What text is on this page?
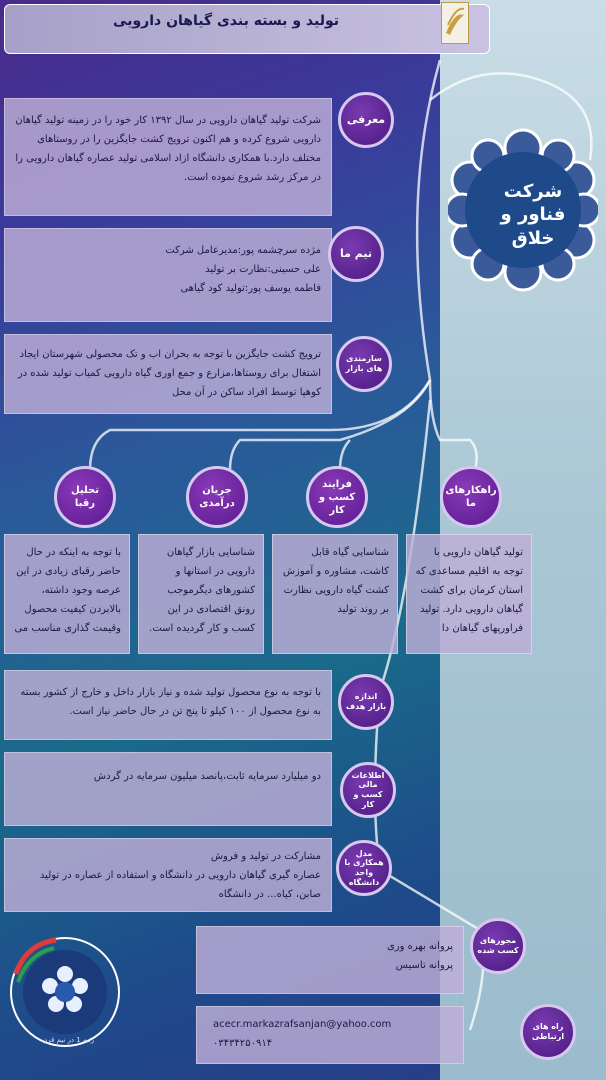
تولید و بسته بندی گیاهان دارویی
شرکت فناور و خلاق
شرکت تولید گیاهان دارویی در سال ۱۳۹۲ کار خود را در زمینه تولید گیاهان دارویی شروع کرده و هم اکنون ترویج کشت جایگزین را در روستاهای مختلف دارد.با همکاری دانشگاه ازاد اسلامی تولید عصاره گیاهان دارویی را در مرکز رشد شروع نموده است.
معرفی
مژده سرچشمه پور:مدیرعامل شرکت
علی حسینی:نظارت بر تولید
فاطمه یوسف پور:تولید کود گیاهی
تیم ما
ترویج کشت جایگزین با توجه به بحران اب و تک محصولی شهرستان ایجاد اشتغال برای روستاها،مزارع و جمع اوری گیاه دارویی کمیاب تولید شده در کوهپا توسط افراد ساکن در آن محل
سازمندی های بازار
راهکارهای ما
فرایند کسب و کار
جریان درآمدی
تحلیل رقبا
تولید گیاهان دارویی با توجه به اقلیم مساعدی که استان کرمان برای کشت گیاهان دارویی دارد. تولید فراورپهای گیاهان دا
شناسایی گیاه قابل کاشت، مشاوره و آموزش کشت گیاه دارویی نظارت بر روند تولید
شناسایی بازار گیاهان دارویی در استانها و کشورهای دیگرموجب رونق اقتصادی در این کسب و کار گردیده است.
با توجه به اینکه در حال حاضر رقبای زیادی در این عرصه وجود داشته، بالابردن کیفیت محصول وقیمت گذاری مناسب می
با توجه به نوع محصول تولید شده و نیاز بازار داخل و خارج از کشور بسته به نوع محصول از ۱۰۰ کیلو تا پنج تن در حال حاضر نیاز است.
اندازه بازار هدف
دو میلیارد سرمایه ثابت،پانصد میلیون سرمایه در گردش	اطلاعات مالی کسب و کار
مشارکت در تولید و فروش
عصاره گیری گیاهان دارویی در دانشگاه و استفاده از عصاره در تولید
صابن، کیاه... در دانشگاه
مدل همکاری با واحد دانشگاه
پروانه بهره وری
پروانه تاسیس
مجوزهای کسب شده
acecr.markazrafsanjan@yahoo.com
۰۳۴۳۴۲۵۰۹۱۴
راه های ارتباطی
رتبه 1 در نیم قرن
